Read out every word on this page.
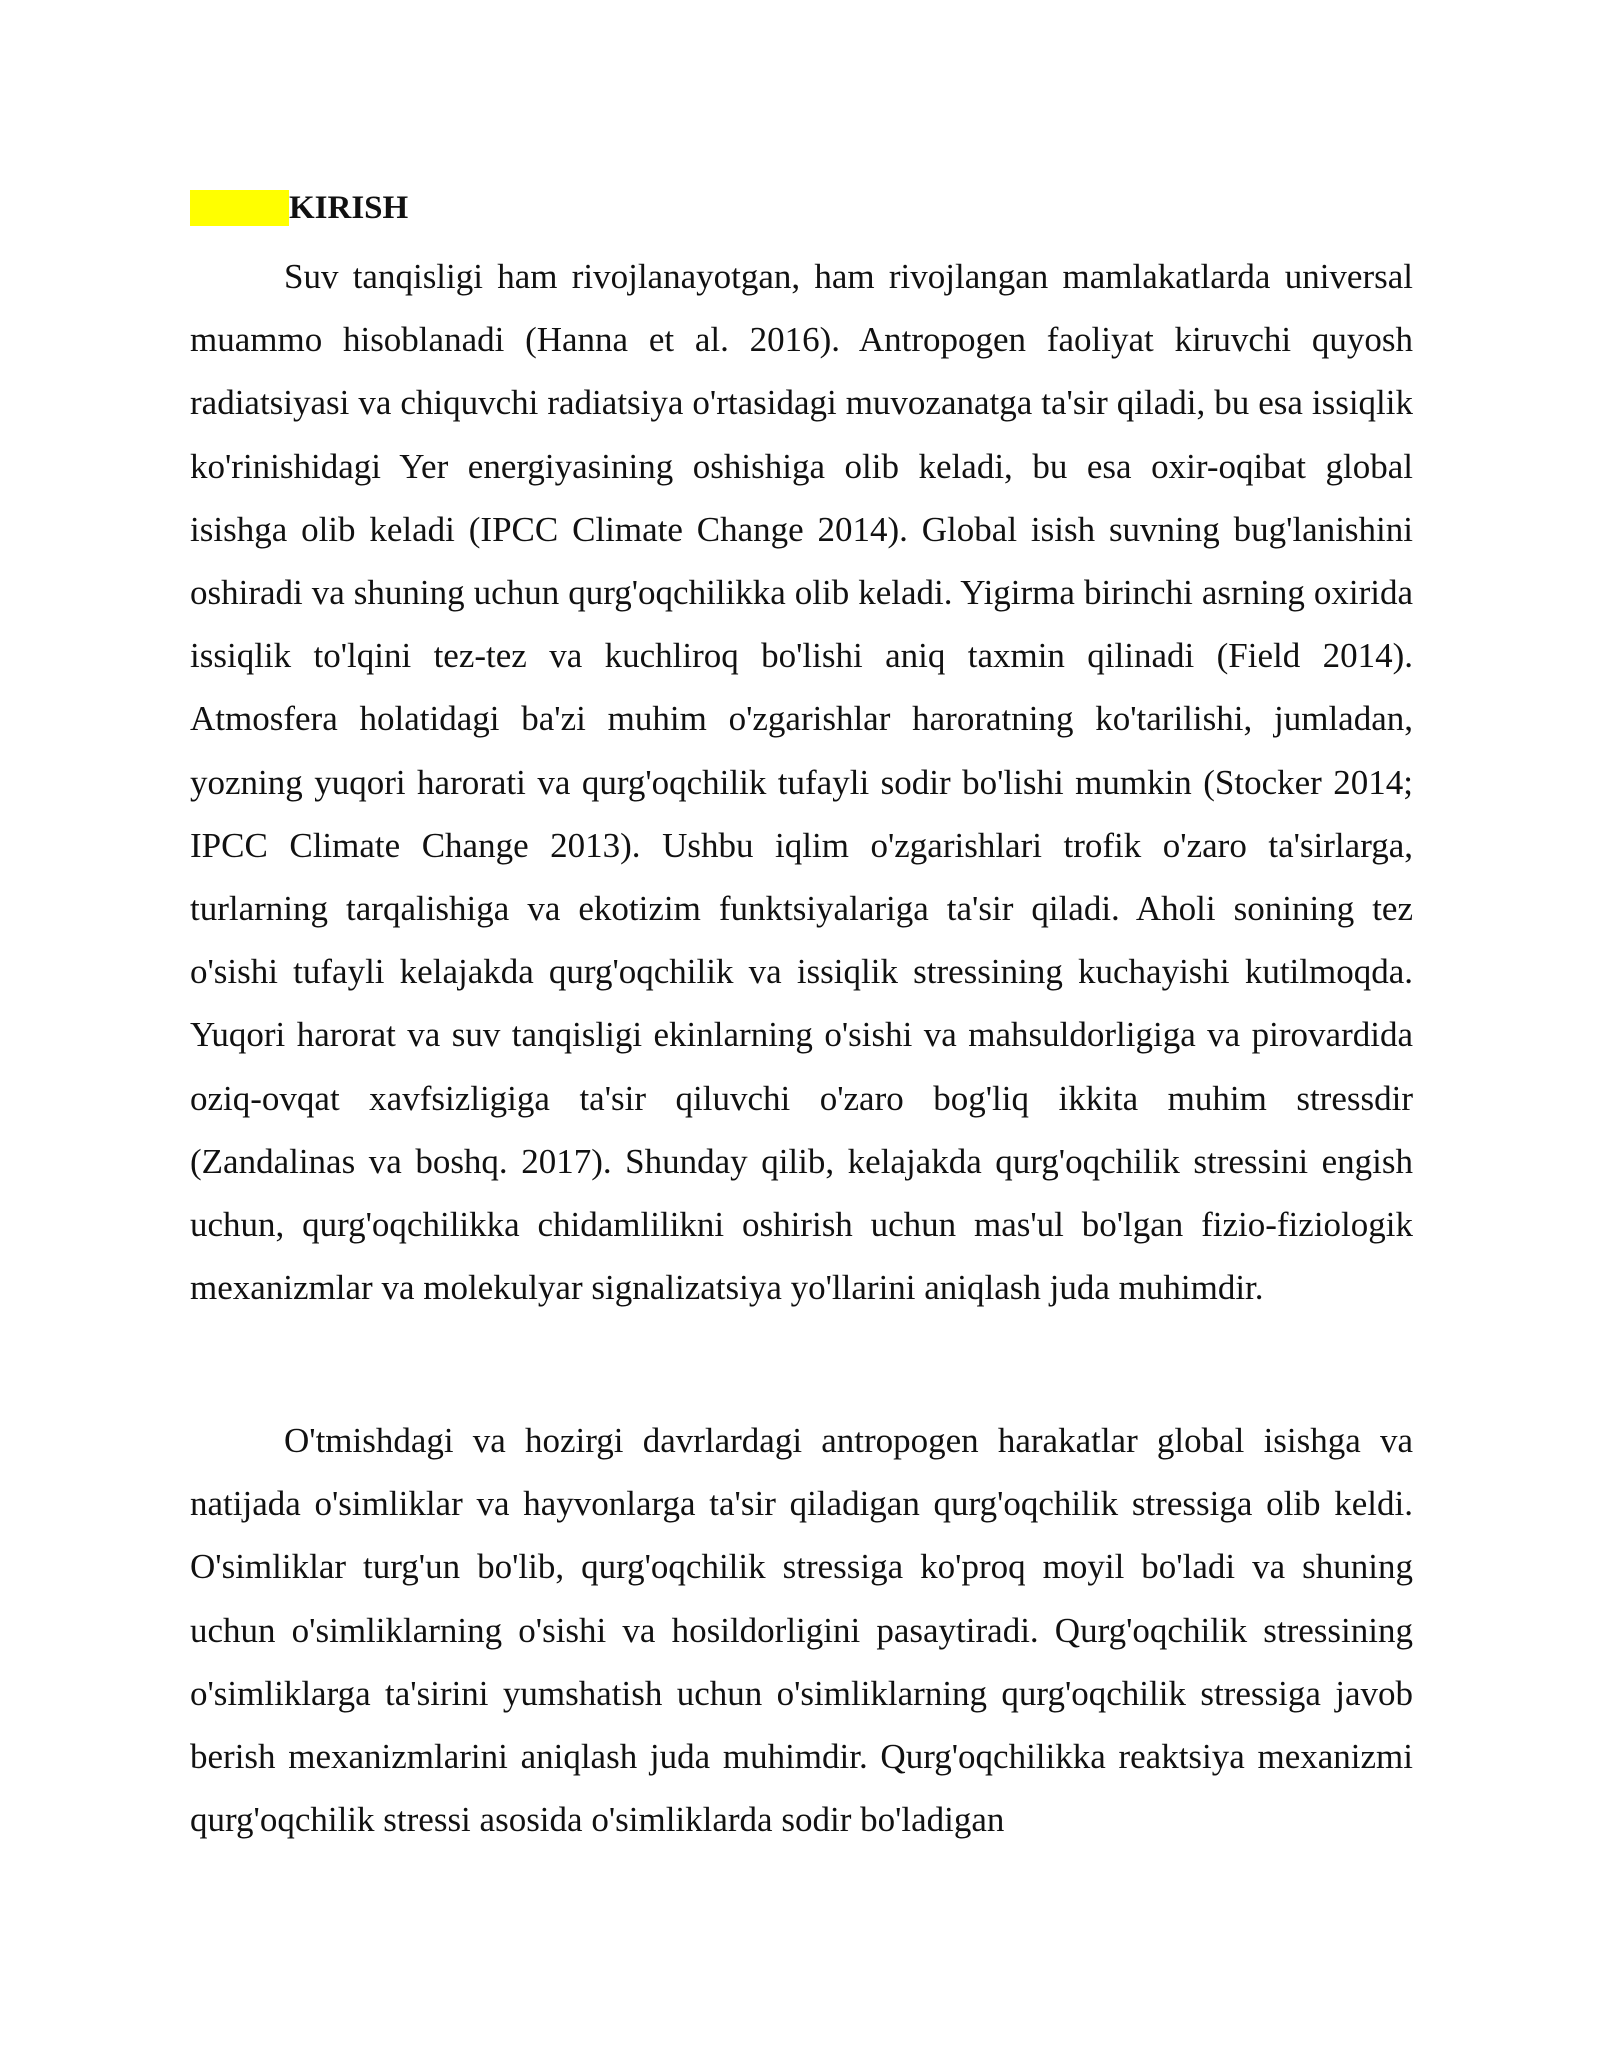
KIRISH

Suv tanqisligi ham rivojlanayotgan, ham rivojlangan mamlakatlarda universal muammo hisoblanadi (Hanna et al. 2016). Antropogen faoliyat kiruvchi quyosh radiatsiyasi va chiquvchi radiatsiya o'rtasidagi muvozanatga ta'sir qiladi, bu esa issiqlik ko'rinishidagi Yer energiyasining oshishiga olib keladi, bu esa oxir-oqibat global isishga olib keladi (IPCC Climate Change 2014). Global isish suvning bug'lanishini oshiradi va shuning uchun qurg'oqchilikka olib keladi. Yigirma birinchi asrning oxirida issiqlik to'lqini tez-tez va kuchliroq bo'lishi aniq taxmin qilinadi (Field 2014). Atmosfera holatidagi ba'zi muhim o'zgarishlar haroratning ko'tarilishi, jumladan, yozning yuqori harorati va qurg'oqchilik tufayli sodir bo'lishi mumkin (Stocker 2014; IPCC Climate Change 2013). Ushbu iqlim o'zgarishlari trofik o'zaro ta'sirlarga, turlarning tarqalishiga va ekotizim funktsiyalariga ta'sir qiladi. Aholi sonining tez o'sishi tufayli kelajakda qurg'oqchilik va issiqlik stressining kuchayishi kutilmoqda. Yuqori harorat va suv tanqisligi ekinlarning o'sishi va mahsuldorligiga va pirovardida oziq-ovqat xavfsizligiga ta'sir qiluvchi o'zaro bog'liq ikkita muhim stressdir (Zandalinas va boshq. 2017). Shunday qilib, kelajakda qurg'oqchilik stressini engish uchun, qurg'oqchilikka chidamlilikni oshirish uchun mas'ul bo'lgan fizio-fiziologik mexanizmlar va molekulyar signalizatsiya yo'llarini aniqlash juda muhimdir.

O'tmishdagi va hozirgi davrlardagi antropogen harakatlar global isishga va natijada o'simliklar va hayvonlarga ta'sir qiladigan qurg'oqchilik stressiga olib keldi. O'simliklar turg'un bo'lib, qurg'oqchilik stressiga ko'proq moyil bo'ladi va shuning uchun o'simliklarning o'sishi va hosildorligini pasaytiradi. Qurg'oqchilik stressining o'simliklarga ta'sirini yumshatish uchun o'simliklarning qurg'oqchilik stressiga javob berish mexanizmlarini aniqlash juda muhimdir. Qurg'oqchilikka reaktsiya mexanizmi qurg'oqchilik stressi asosida o'simliklarda sodir bo'ladigan
